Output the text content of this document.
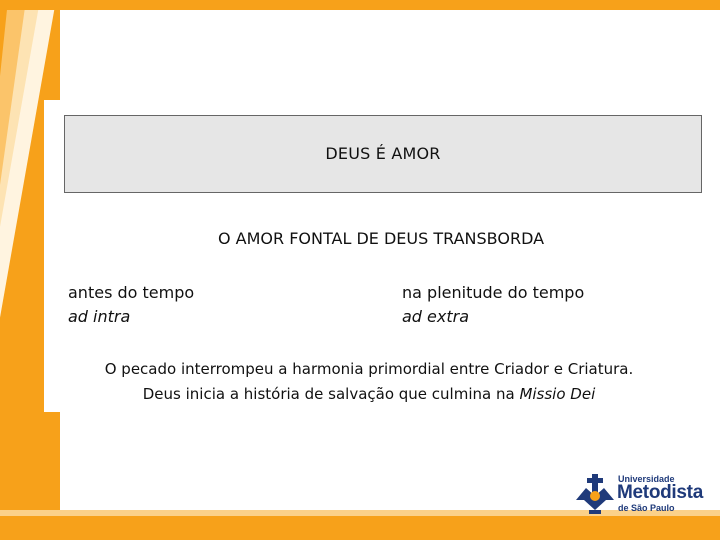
DEUS É AMOR
O AMOR FONTAL DE DEUS TRANSBORDA
antes do tempo
ad intra
na plenitude do tempo
ad extra
O pecado interrompeu a harmonia primordial entre Criador e Criatura.
Deus inicia a história de salvação que culmina na Missio Dei
Universidade
Metodista
de São Paulo
